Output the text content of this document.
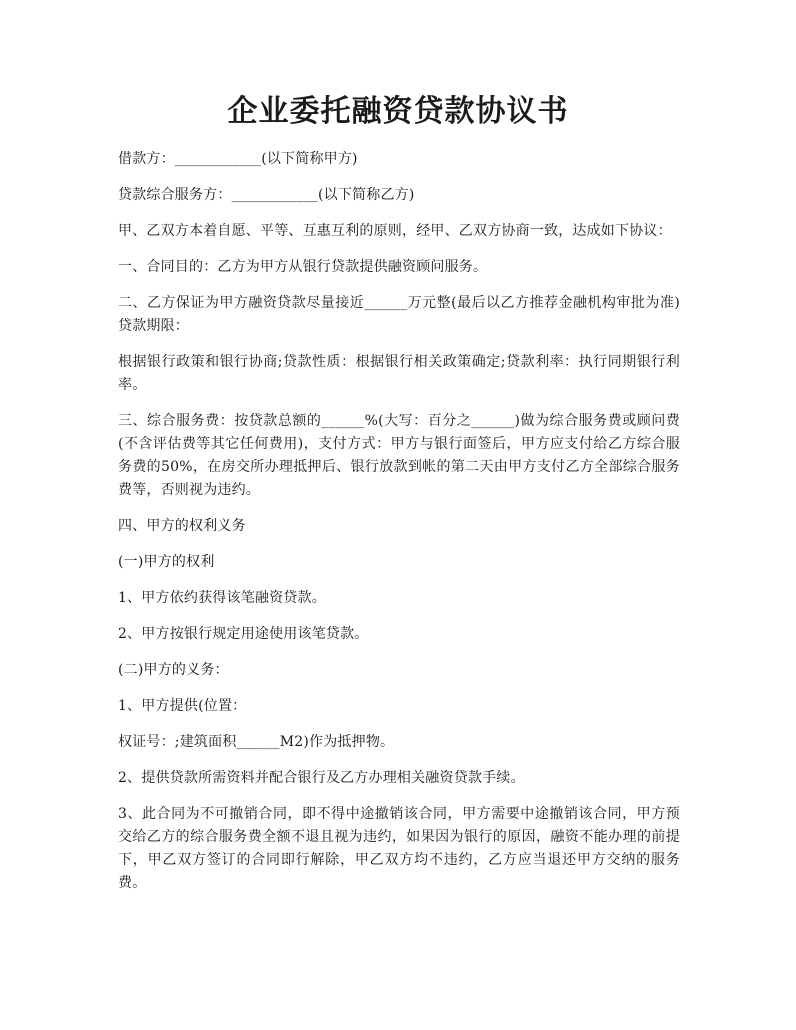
企业委托融资贷款协议书

借款方：____________(以下简称甲方)

贷款综合服务方：____________(以下简称乙方)

甲、乙双方本着自愿、平等、互惠互利的原则，经甲、乙双方协商一致，达成如下协议：

一、合同目的：乙方为甲方从银行贷款提供融资顾问服务。

二、乙方保证为甲方融资贷款尽量接近______万元整(最后以乙方推荐金融机构审批为准)贷款期限：

根据银行政策和银行协商;贷款性质：根据银行相关政策确定;贷款利率：执行同期银行利率。

三、综合服务费：按贷款总额的______%(大写：百分之______)做为综合服务费或顾问费(不含评估费等其它任何费用)，支付方式：甲方与银行面签后，甲方应支付给乙方综合服务费的50%，在房交所办理抵押后、银行放款到帐的第二天由甲方支付乙方全部综合服务费等，否则视为违约。

四、甲方的权利义务

(一)甲方的权利

1、甲方依约获得该笔融资贷款。

2、甲方按银行规定用途使用该笔贷款。

(二)甲方的义务：

1、甲方提供(位置：

权证号：;建筑面积______M2)作为抵押物。

2、提供贷款所需资料并配合银行及乙方办理相关融资贷款手续。

3、此合同为不可撤销合同，即不得中途撤销该合同，甲方需要中途撤销该合同，甲方预交给乙方的综合服务费全额不退且视为违约，如果因为银行的原因，融资不能办理的前提下，甲乙双方签订的合同即行解除，甲乙双方均不违约，乙方应当退还甲方交纳的服务费。
